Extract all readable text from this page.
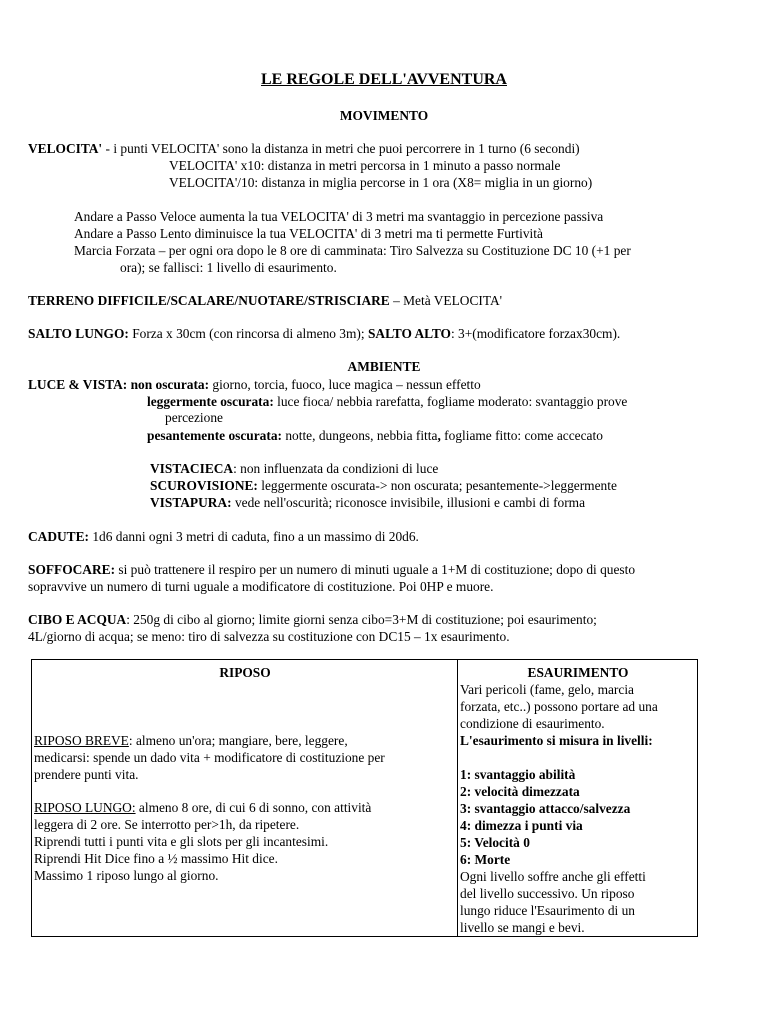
LE REGOLE DELL'AVVENTURA
MOVIMENTO
VELOCITA' - i punti VELOCITA' sono la distanza in metri che puoi percorrere in 1 turno (6 secondi)
VELOCITA' x10: distanza in metri percorsa in 1 minuto a passo normale
VELOCITA'/10: distanza in miglia percorse in 1 ora (X8= miglia in un giorno)
Andare a Passo Veloce aumenta la tua VELOCITA' di 3 metri ma svantaggio in percezione passiva
Andare a Passo Lento diminuisce la tua VELOCITA' di 3 metri ma ti permette Furtività
Marcia Forzata – per ogni ora dopo le 8 ore di camminata: Tiro Salvezza su Costituzione DC 10 (+1 per
ora); se fallisci: 1 livello di esaurimento.
TERRENO DIFFICILE/SCALARE/NUOTARE/STRISCIARE – Metà VELOCITA'
SALTO LUNGO: Forza x 30cm (con rincorsa di almeno 3m); SALTO ALTO: 3+(modificatore forzax30cm).
AMBIENTE
LUCE & VISTA: non oscurata: giorno, torcia, fuoco, luce magica – nessun effetto
leggermente oscurata: luce fioca/ nebbia rarefatta, fogliame moderato: svantaggio prove
percezione
pesantemente oscurata: notte, dungeons, nebbia fitta, fogliame fitto: come accecato
VISTACIECA: non influenzata da condizioni di luce
SCUROVISIONE: leggermente oscurata-> non oscurata; pesantemente->leggermente
VISTAPURA: vede nell'oscurità; riconosce invisibile, illusioni e cambi di forma
CADUTE: 1d6 danni ogni 3 metri di caduta, fino a un massimo di 20d6.
SOFFOCARE: si può trattenere il respiro per un numero di minuti uguale a 1+M di costituzione; dopo di questo
sopravvive un numero di turni uguale a modificatore di costituzione. Poi 0HP e muore.
CIBO E ACQUA: 250g di cibo al giorno; limite giorni senza cibo=3+M di costituzione; poi esaurimento;
4L/giorno di acqua; se meno: tiro di salvezza su costituzione con DC15 – 1x esaurimento.
RIPOSO
RIPOSO BREVE: almeno un'ora; mangiare, bere, leggere,
medicarsi: spende un dado vita + modificatore di costituzione per
prendere punti vita.
RIPOSO LUNGO: almeno 8 ore, di cui 6 di sonno, con attività
leggera di 2 ore. Se interrotto per>1h, da ripetere.
Riprendi tutti i punti vita e gli slots per gli incantesimi.
Riprendi Hit Dice fino a ½ massimo Hit dice.
Massimo 1 riposo lungo al giorno.

ESAURIMENTO
Vari pericoli (fame, gelo, marcia
forzata, etc..) possono portare ad una
condizione di esaurimento.
L'esaurimento si misura in livelli:
1: svantaggio abilità
2: velocità dimezzata
3: svantaggio attacco/salvezza
4: dimezza i punti via
5: Velocità 0
6: Morte
Ogni livello soffre anche gli effetti
del livello successivo. Un riposo
lungo riduce l'Esaurimento di un
livello se mangi e bevi.
